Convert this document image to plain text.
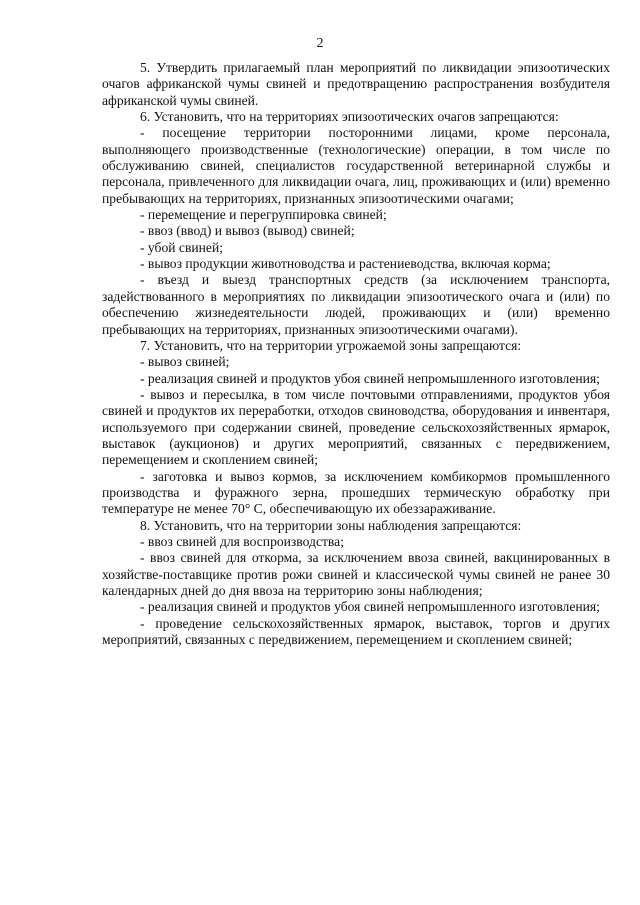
2

5. Утвердить прилагаемый план мероприятий по ликвидации эпизоотических очагов африканской чумы свиней и предотвращению распространения возбудителя африканской чумы свиней.

6. Установить, что на территориях эпизоотических очагов запрещаются:

- посещение территории посторонними лицами, кроме персонала, выполняющего производственные (технологические) операции, в том числе по обслуживанию свиней, специалистов государственной ветеринарной службы и персонала, привлеченного для ликвидации очага, лиц, проживающих и (или) временно пребывающих на территориях, признанных эпизоотическими очагами;

- перемещение и перегруппировка свиней;

- ввоз (ввод) и вывоз (вывод) свиней;

- убой свиней;

- вывоз продукции животноводства и растениеводства, включая корма;

- въезд и выезд транспортных средств (за исключением транспорта, задействованного в мероприятиях по ликвидации эпизоотического очага и (или) по обеспечению жизнедеятельности людей, проживающих и (или) временно пребывающих на территориях, признанных эпизоотическими очагами).

7. Установить, что на территории угрожаемой зоны запрещаются:

- вывоз свиней;

- реализация свиней и продуктов убоя свиней непромышленного изготовления;

- вывоз и пересылка, в том числе почтовыми отправлениями, продуктов убоя свиней и продуктов их переработки, отходов свиноводства, оборудования и инвентаря, используемого при содержании свиней, проведение сельскохозяйственных ярмарок, выставок (аукционов) и других мероприятий, связанных с передвижением, перемещением и скоплением свиней;

- заготовка и вывоз кормов, за исключением комбикормов промышленного производства и фуражного зерна, прошедших термическую обработку при температуре не менее 70° С, обеспечивающую их обеззараживание.

8. Установить, что на территории зоны наблюдения запрещаются:

- ввоз свиней для воспроизводства;

- ввоз свиней для откорма, за исключением ввоза свиней, вакцинированных в хозяйстве-поставщике против рожи свиней и классической чумы свиней не ранее 30 календарных дней до дня ввоза на территорию зоны наблюдения;

- реализация свиней и продуктов убоя свиней непромышленного изготовления;

- проведение сельскохозяйственных ярмарок, выставок, торгов и других мероприятий, связанных с передвижением, перемещением и скоплением свиней;
